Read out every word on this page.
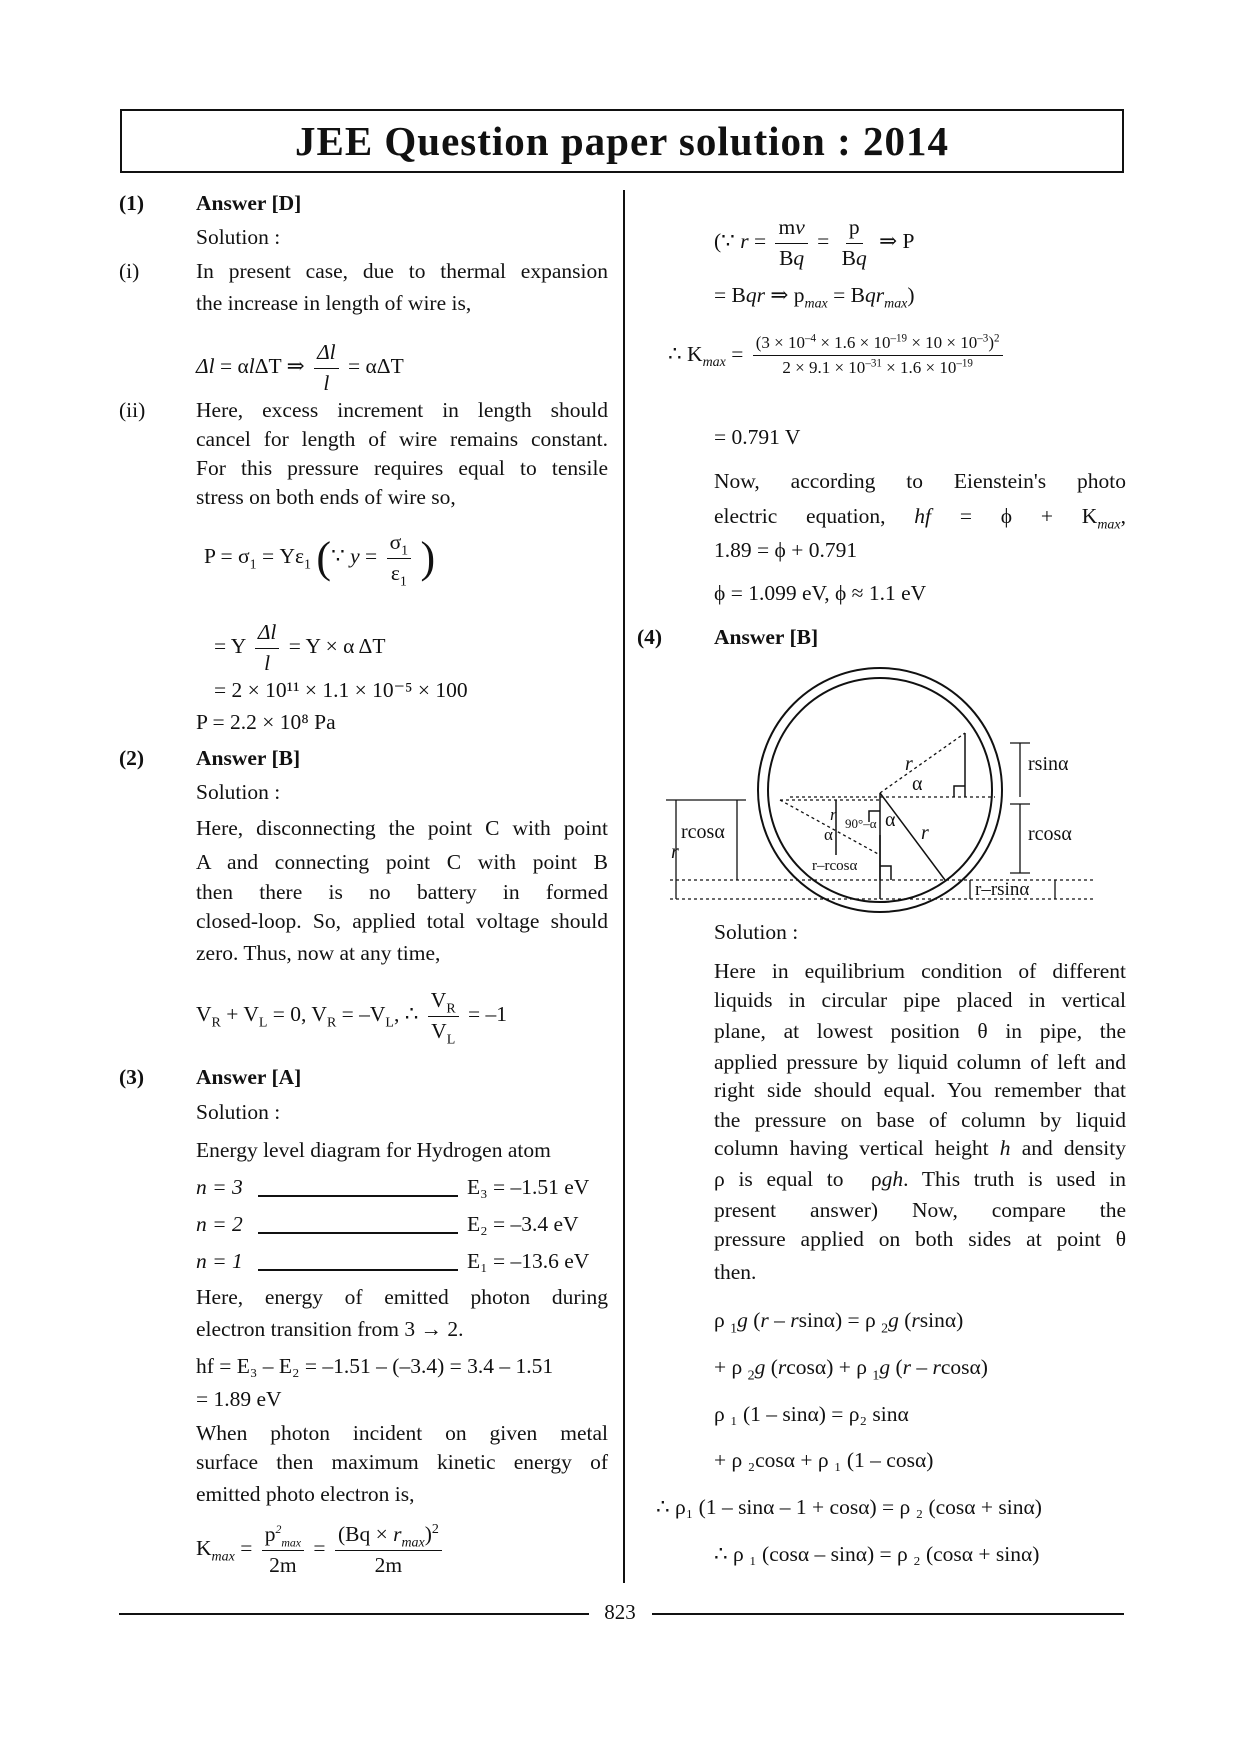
JEE Question paper solution : 2014
(1) Answer [D]
Solution :
(i)	In present case, due to thermal expansion
the increase in length of wire is,
Δl = αlΔT ⇒ $\frac{\Delta l}{l} = \alpha\Delta T$
(ii) Here, excess increment in length should
cancel for length of wire remains constant.
For this pressure requires equal to tensile
stress on both ends of wire so,
$P = \sigma_1 = Y\varepsilon_1$ (∵ $y = \frac{\sigma_1}{\varepsilon_1}$ )
= Y $\frac{\Delta l}{l} = Y \times \alpha$ ΔT
= 2 × 10¹¹ × 1.1 × 10⁻⁵ × 100
P = 2.2 × 10⁸ Pa
(2) Answer [B]
Solution :
Here, disconnecting the point C with point
A and connecting point C with point B
then there is no battery in formed
closed-loop. So, applied total voltage should
zero. Thus, now at any time,
$V_R + V_L = 0$, $V_R = -V_L$, ∴ $\frac{V_R}{V_L} = -1$
(3) Answer [A]
Solution :
Energy level diagram for Hydrogen atom
n = 3	E₃ = –1.51 eV
n = 2	E₂ = –3.4 eV
n = 1	E₁ = –13.6 eV
Here, energy of emitted photon during
electron transition from 3 → 2.
hf = E₃ – E₂ = –1.51 – (–3.4) = 3.4 – 1.51
= 1.89 eV
When photon incident on given metal
surface then maximum kinetic energy of
emitted photo electron is,
$K_{max} = \frac{p^2_{max}}{2m} = \frac{(Bq \times r_{max})^2}{2m}$
(∵ $r = \frac{mv}{Bq} = \frac{p}{Bq}$ ⇒ P
= Bqr ⇒ $p_{max} = Bqr_{max}$)
∴ $K_{max} = \frac{(3 \times 10^{-4} \times 1.6 \times 10^{-19} \times 10 \times 10^{-3})^2}{2 \times 9.1 \times 10^{-31} \times 1.6 \times 10^{-19}}$
= 0.791 V
Now, according to Eienstein's photo
electric equation, hf = $\phi + K_{max}$,
1.89 = ϕ + 0.791
ϕ = 1.099 eV, ϕ ≈ 1.1 eV
(4) Answer [B]
rsinα
rcosα
rcosα
r
r
α
r
α
r
α
90°–α
r–rcosα
r–rsinα
Solution :
Here in equilibrium condition of different
liquids in circular pipe placed in vertical
plane, at lowest position θ in pipe, the
applied pressure by liquid column of left and
right side should equal. You remember that
the pressure on base of column by liquid
column having vertical height h and density
ρ is equal to  ρgh. This truth is used in
present answer) Now, compare the
pressure applied on both sides at point θ
then.
ρ $_1$g (r – rsinα) = ρ $_2$g (rsinα)
+ ρ $_2$g (rcosα) + ρ $_1$g (r – rcosα)
ρ ₁ (1 – sinα) = ρ₂ sinα
+ ρ ₂cosα + ρ ₁ (1 – cosα)
∴ ρ₁ (1 – sinα – 1 + cosα) = ρ ₂ (cosα + sinα)
∴ ρ ₁ (cosα – sinα) = ρ ₂ (cosα + sinα)
823
